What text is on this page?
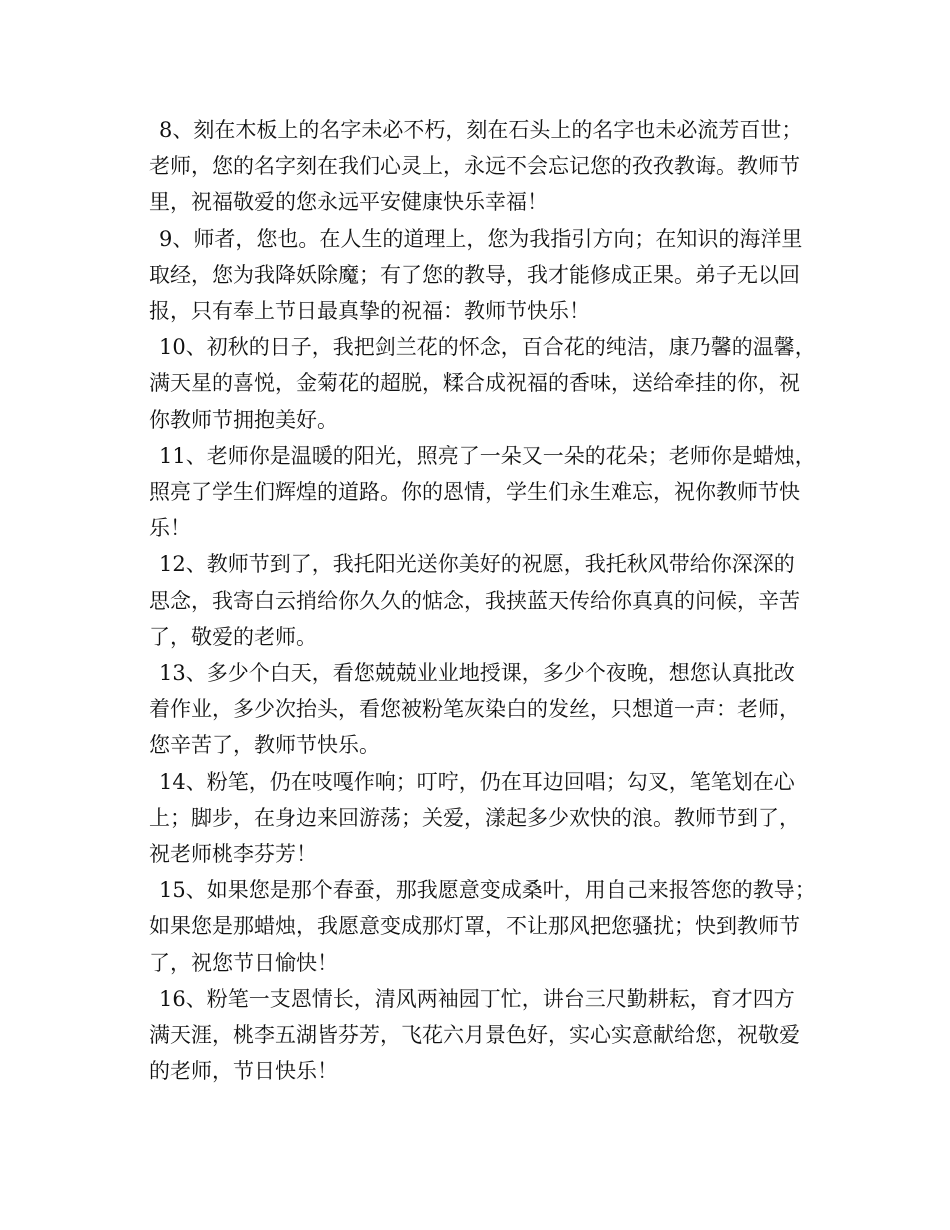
8、刻在木板上的名字未必不朽，刻在石头上的名字也未必流芳百世；
老师，您的名字刻在我们心灵上，永远不会忘记您的孜孜教诲。教师节
里，祝福敬爱的您永远平安健康快乐幸福！
9、师者，您也。在人生的道理上，您为我指引方向；在知识的海洋里
取经，您为我降妖除魔；有了您的教导，我才能修成正果。弟子无以回
报，只有奉上节日最真挚的祝福：教师节快乐！
10、初秋的日子，我把剑兰花的怀念，百合花的纯洁，康乃馨的温馨，
满天星的喜悦，金菊花的超脱，糅合成祝福的香味，送给牵挂的你，祝
你教师节拥抱美好。
11、老师你是温暖的阳光，照亮了一朵又一朵的花朵；老师你是蜡烛，
照亮了学生们辉煌的道路。你的恩情，学生们永生难忘，祝你教师节快
乐！
12、教师节到了，我托阳光送你美好的祝愿，我托秋风带给你深深的
思念，我寄白云捎给你久久的惦念，我挟蓝天传给你真真的问候，辛苦
了，敬爱的老师。
13、多少个白天，看您兢兢业业地授课，多少个夜晚，想您认真批改
着作业，多少次抬头，看您被粉笔灰染白的发丝，只想道一声：老师，
您辛苦了，教师节快乐。
14、粉笔，仍在吱嘎作响；叮咛，仍在耳边回唱；勾叉，笔笔划在心
上；脚步，在身边来回游荡；关爱，漾起多少欢快的浪。教师节到了，
祝老师桃李芬芳！
15、如果您是那个春蚕，那我愿意变成桑叶，用自己来报答您的教导；
如果您是那蜡烛，我愿意变成那灯罩，不让那风把您骚扰；快到教师节
了，祝您节日愉快！
16、粉笔一支恩情长，清风两袖园丁忙，讲台三尺勤耕耘，育才四方
满天涯，桃李五湖皆芬芳，飞花六月景色好，实心实意献给您，祝敬爱
的老师，节日快乐！
